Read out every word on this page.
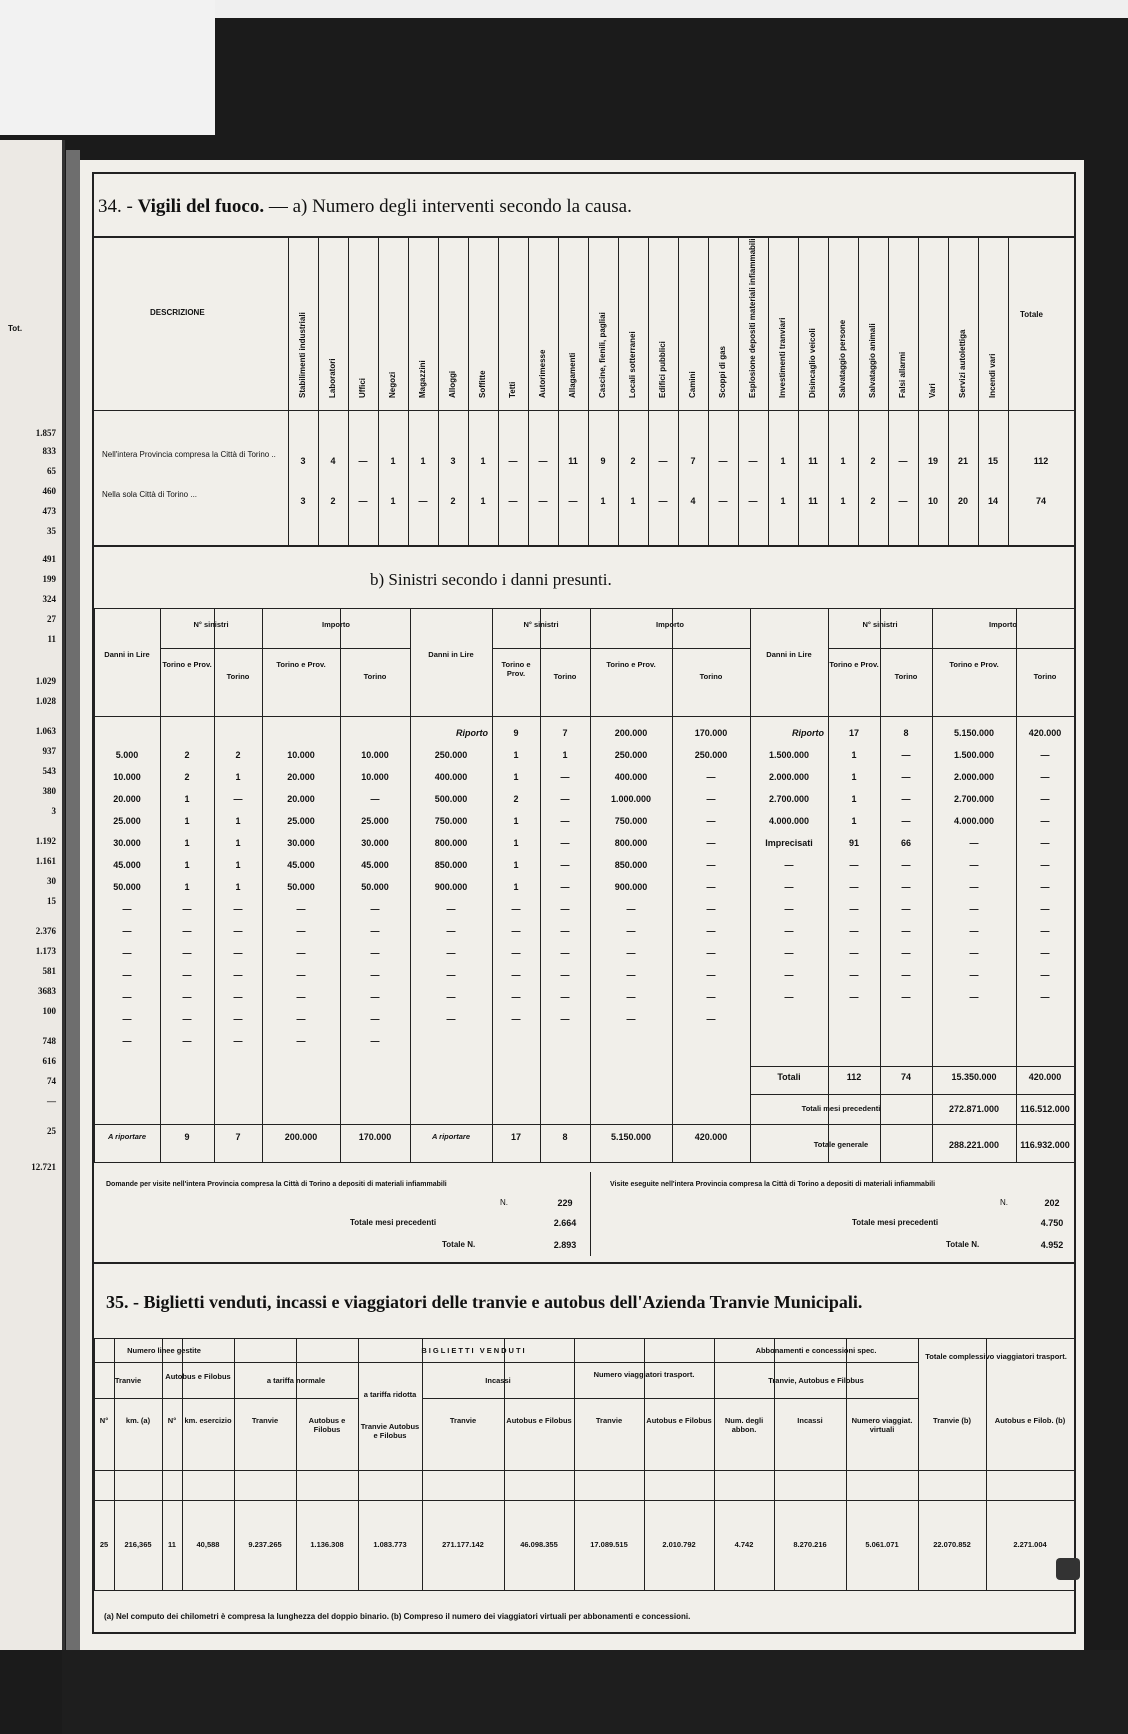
Tot.
1.857
833
65
460
473
35
491
199
324
27
11
1.029
1.028
1.063
937
543
380
3
1.192
1.161
30
15
2.376
1.173
581
3683
100
748
616
74
—
25
12.721
34. - Vigili del fuoco. — a) Numero degli interventi secondo la causa.
DESCRIZIONE	Stabilimenti industriali	Laboratori	Uffici	Negozi	Magazzini	Alloggi	Soffitte	Tetti	Autorimesse	Allagamenti	Cascine, fienili, pagliai	Locali sotterranei	Edifici pubblici	Camini	Scoppi di gas	Esplosione depositi materiali infiammabili	Investimenti tranviari	Disincaglio veicoli	Salvataggio persone	Salvataggio animali	Falsi allarmi	Vari	Servizi autolettiga	Incendi vari
Totale
Nell'intera Provincia compresa la Città di Torino ..
3	4	—	1	1	3	1	—	—	11	9	2	—	7	—	—	1	11	1	2	—	19	21	15	112
Nella sola Città di Torino ...
3	2	—	1	—	2	1	—	—	—	1	1	—	4	—	—	1	11	1	2	—	10	20	14	74
b) Sinistri secondo i danni presunti.
Danni in Lire
N° sinistri	Importo
Torino e Prov.
Torino
Torino e Prov.
Torino
5.000	2	2	10.000	10.000
10.000	2	1	20.000	10.000
20.000	1	—	20.000	—
25.000	1	1	25.000	25.000
30.000	1	1	30.000	30.000
45.000	1	1	45.000	45.000
50.000	1	1	50.000	50.000
—	—	—	—	—
—	—	—	—	—
—	—	—	—	—
—	—	—	—	—
—	—	—	—	—
—	—	—	—	—
—	—	—	—	—
A riportare	9	7	200.000	170.000
Danni in Lire
N° sinistri	Importo
Torino e Prov.	Torino
Torino e Prov.
Torino
Riporto	9	7	200.000	170.000
250.000	1	1	250.000	250.000
400.000	1	—	400.000	—
500.000	2	—	1.000.000	—
750.000	1	—	750.000	—
800.000	1	—	800.000	—
850.000	1	—	850.000	—
900.000	1	—	900.000	—
—	—	—	—	—
—	—	—	—	—
—	—	—	—	—
—	—	—	—	—
—	—	—	—	—
—	—	—	—	—
A riportare	17	8	5.150.000	420.000
Danni in Lire
N° sinistri	Importo
Torino e Prov.
Torino
Torino e Prov.
Torino
Riporto	17	8	5.150.000	420.000
1.500.000	1	—	1.500.000	—
2.000.000	1	—	2.000.000	—
2.700.000	1	—	2.700.000	—
4.000.000	1	—	4.000.000	—
Imprecisati	91	66	—	—
—	—	—	—	—
—	—	—	—	—
—	—	—	—	—
—	—	—	—	—
—	—	—	—	—
—	—	—	—	—
—	—	—	—	—
Totali	112	74	15.350.000	420.000
Totali mesi precedenti	272.871.000	116.512.000
Totale generale	288.221.000	116.932.000
Domande per visite nell'intera Provincia compresa la Città di Torino a depositi di materiali infiammabili
N.	229
Totale mesi precedenti	2.664
Totale N.	2.893
Visite eseguite nell'intera Provincia compresa la Città di Torino a depositi di materiali infiammabili
N.	202
Totale mesi precedenti	4.750
Totale N.	4.952
35. - Biglietti venduti, incassi e viaggiatori delle tranvie e autobus dell'Azienda Tranvie Municipali.
Numero linee gestite	BIGLIETTI VENDUTI	Abbonamenti e concessioni spec.
Totale complessivo viaggiatori trasport.
Tranvie	Autobus e Filobus	a tariffa normale
a tariffa ridotta
Incassi
Numero viaggiatori trasport.
Tranvie, Autobus e Filobus
N°	km. (a)	N°	km. esercizio	Tranvie	Autobus e Filobus	Tranvie Autobus e Filobus
Tranvie	Autobus e Filobus	Tranvie	Autobus e Filobus	Num. degli abbon.
Incassi	Numero viaggiat. virtuali
Tranvie (b)	Autobus e Filob. (b)
25	216,365	11	40,588	9.237.265	1.136.308	1.083.773	271.177.142	46.098.355	17.089.515	2.010.792	4.742	8.270.216	5.061.071	22.070.852	2.271.004
(a) Nel computo dei chilometri è compresa la lunghezza del doppio binario. (b) Compreso il numero dei viaggiatori virtuali per abbonamenti e concessioni.
